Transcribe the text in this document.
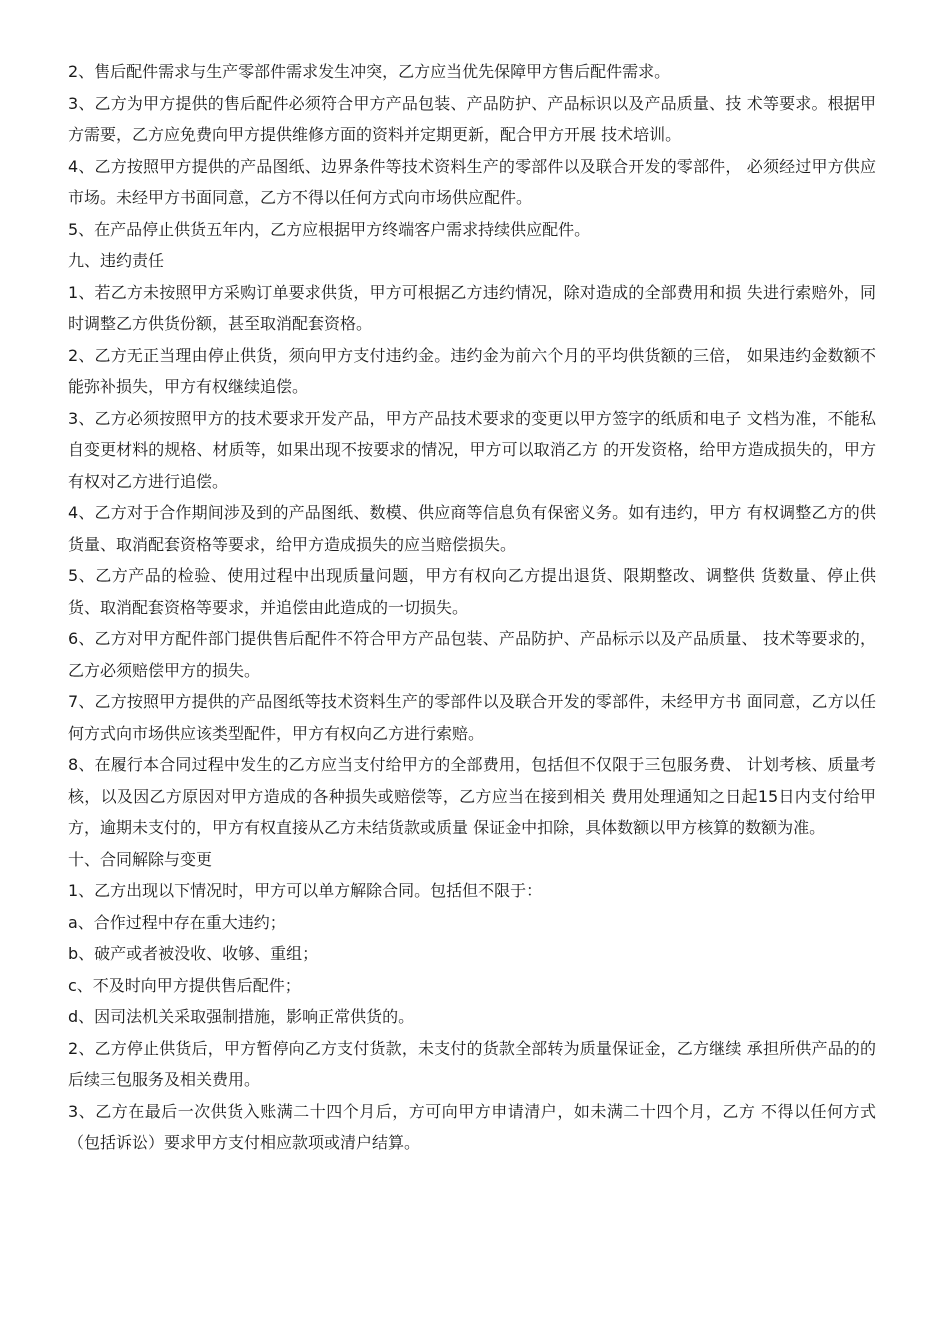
2、售后配件需求与生产零部件需求发生冲突，乙方应当优先保障甲方售后配件需求。

3、乙方为甲方提供的售后配件必须符合甲方产品包装、产品防护、产品标识以及产品质量、技 术等要求。根据甲方需要，乙方应免费向甲方提供维修方面的资料并定期更新，配合甲方开展 技术培训。

4、乙方按照甲方提供的产品图纸、边界条件等技术资料生产的零部件以及联合开发的零部件， 必须经过甲方供应市场。未经甲方书面同意，乙方不得以任何方式向市场供应配件。

5、在产品停止供货五年内，乙方应根据甲方终端客户需求持续供应配件。

九、违约责任

1、若乙方未按照甲方采购订单要求供货，甲方可根据乙方违约情况，除对造成的全部费用和损 失进行索赔外，同时调整乙方供货份额，甚至取消配套资格。

2、乙方无正当理由停止供货，须向甲方支付违约金。违约金为前六个月的平均供货额的三倍， 如果违约金数额不能弥补损失，甲方有权继续追偿。

3、乙方必须按照甲方的技术要求开发产品，甲方产品技术要求的变更以甲方签字的纸质和电子 文档为准，不能私自变更材料的规格、材质等，如果出现不按要求的情况，甲方可以取消乙方 的开发资格，给甲方造成损失的，甲方有权对乙方进行追偿。

4、乙方对于合作期间涉及到的产品图纸、数模、供应商等信息负有保密义务。如有违约，甲方 有权调整乙方的供货量、取消配套资格等要求，给甲方造成损失的应当赔偿损失。

5、乙方产品的检验、使用过程中出现质量问题，甲方有权向乙方提出退货、限期整改、调整供 货数量、停止供货、取消配套资格等要求，并追偿由此造成的一切损失。

6、乙方对甲方配件部门提供售后配件不符合甲方产品包装、产品防护、产品标示以及产品质量、 技术等要求的，乙方必须赔偿甲方的损失。

7、乙方按照甲方提供的产品图纸等技术资料生产的零部件以及联合开发的零部件，未经甲方书 面同意，乙方以任何方式向市场供应该类型配件，甲方有权向乙方进行索赔。

8、在履行本合同过程中发生的乙方应当支付给甲方的全部费用，包括但不仅限于三包服务费、 计划考核、质量考核，以及因乙方原因对甲方造成的各种损失或赔偿等，乙方应当在接到相关 费用处理通知之日起15日内支付给甲方，逾期未支付的，甲方有权直接从乙方未结货款或质量 保证金中扣除，具体数额以甲方核算的数额为准。

十、合同解除与变更

1、乙方出现以下情况时，甲方可以单方解除合同。包括但不限于：

a、合作过程中存在重大违约；

b、破产或者被没收、收够、重组；

c、不及时向甲方提供售后配件；

d、因司法机关采取强制措施，影响正常供货的。

2、乙方停止供货后，甲方暂停向乙方支付货款，未支付的货款全部转为质量保证金，乙方继续 承担所供产品的的后续三包服务及相关费用。

3、乙方在最后一次供货入账满二十四个月后，方可向甲方申请清户，如未满二十四个月，乙方 不得以任何方式（包括诉讼）要求甲方支付相应款项或清户结算。
